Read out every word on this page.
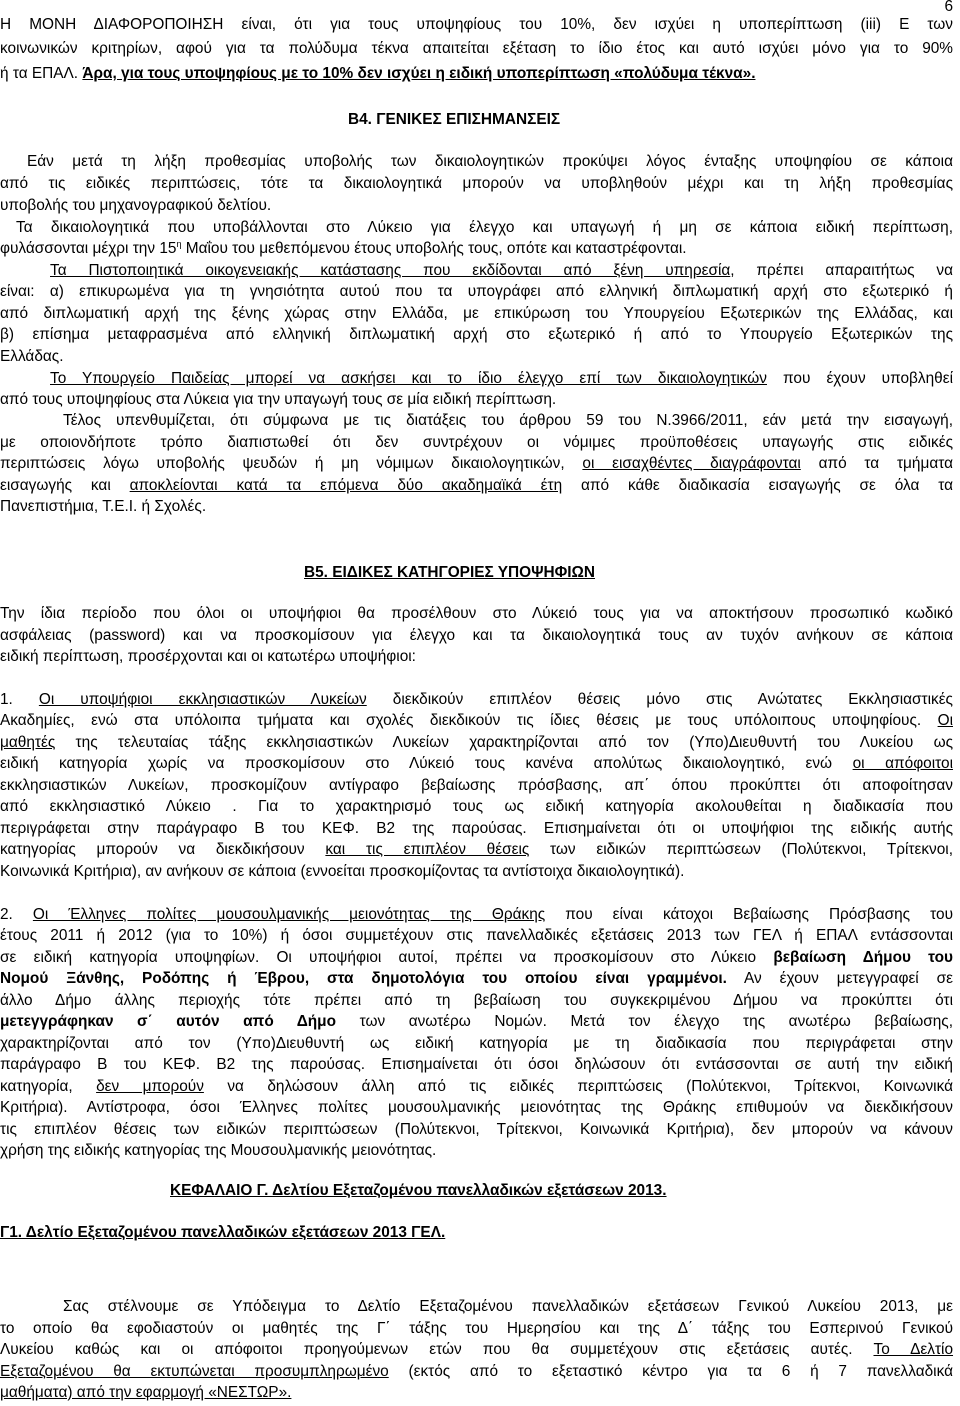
6
Η ΜΟΝΗ ΔΙΑΦΟΡΟΠΟΙΗΣΗ είναι, ότι για τους υποψηφίους του 10%, δεν ισχύει η υποπερίπτωση (iii) Ε των
κοινωνικών κριτηρίων, αφού για τα πολύδυμα τέκνα απαιτείται εξέταση το ίδιο έτος και αυτό ισχύει μόνο για το 90%
ή τα ΕΠΑΛ. Άρα, για τους υποψηφίους με το 10% δεν ισχύει η ειδική υποπερίπτωση «πολύδυμα τέκνα».
Β4. ΓΕΝΙΚΕΣ ΕΠΙΣΗΜΑΝΣΕΙΣ
Εάν μετά τη λήξη προθεσμίας υποβολής των δικαιολογητικών προκύψει λόγος ένταξης υποψηφίου σε κάποια
από τις ειδικές περιπτώσεις, τότε τα δικαιολογητικά μπορούν να υποβληθούν μέχρι και τη λήξη προθεσμίας
υποβολής του μηχανογραφικού δελτίου.
Τα δικαιολογητικά που υποβάλλονται στο Λύκειο για έλεγχο και υπαγωγή ή μη σε κάποια ειδική περίπτωση,
φυλάσσονται μέχρι την $15^\eta$ Μαΐου του μεθεπόμενου έτους υποβολής τους, οπότε και καταστρέφονται.
Τα Πιστοποιητικά οικογενειακής κατάστασης που εκδίδονται από ξένη υπηρεσία, πρέπει απαραιτήτως να
είναι: α) επικυρωμένα για τη γνησιότητα αυτού που τα υπογράφει από ελληνική διπλωματική αρχή στο εξωτερικό ή
από διπλωματική αρχή της ξένης χώρας στην Ελλάδα, με επικύρωση του Υπουργείου Εξωτερικών της Ελλάδας, και
β) επίσημα μεταφρασμένα από ελληνική διπλωματική αρχή στο εξωτερικό ή από το Υπουργείο Εξωτερικών της
Ελλάδας.
Το Υπουργείο Παιδείας μπορεί να ασκήσει και το ίδιο έλεγχο επί των δικαιολογητικών που έχουν υποβληθεί
από τους υποψηφίους στα Λύκεια για την υπαγωγή τους σε μία ειδική περίπτωση.
Τέλος υπενθυμίζεται, ότι σύμφωνα με τις διατάξεις του άρθρου 59 του Ν.3966/2011, εάν μετά την εισαγωγή,
με οποιονδήποτε τρόπο διαπιστωθεί ότι δεν συντρέχουν οι νόμιμες προϋποθέσεις υπαγωγής στις ειδικές
περιπτώσεις λόγω υποβολής ψευδών ή μη νόμιμων δικαιολογητικών, οι εισαχθέντες διαγράφονται από τα τμήματα
εισαγωγής και αποκλείονται κατά τα επόμενα δύο ακαδημαϊκά έτη από κάθε διαδικασία εισαγωγής σε όλα τα
Πανεπιστήμια, Τ.Ε.Ι. ή Σχολές.
Β5. ΕΙΔΙΚΕΣ ΚΑΤΗΓΟΡΙΕΣ ΥΠΟΨΗΦΙΩΝ
Την ίδια περίοδο που όλοι οι υποψήφιοι θα προσέλθουν στο Λύκειό τους για να αποκτήσουν προσωπικό κωδικό
ασφάλειας (password) και να προσκομίσουν για έλεγχο και τα δικαιολογητικά τους αν τυχόν ανήκουν σε κάποια
ειδική περίπτωση, προσέρχονται και οι κατωτέρω υποψήφιοι:
1. Οι υποψήφιοι εκκλησιαστικών Λυκείων διεκδικούν επιπλέον θέσεις μόνο στις Ανώτατες Εκκλησιαστικές
Ακαδημίες, ενώ στα υπόλοιπα τμήματα και σχολές διεκδικούν τις ίδιες θέσεις με τους υπόλοιπους υποψηφίους. Οι
μαθητές της τελευταίας τάξης εκκλησιαστικών Λυκείων χαρακτηρίζονται από τον (Υπο)Διευθυντή του Λυκείου ως
ειδική κατηγορία χωρίς να προσκομίσουν στο Λύκειό τους κανένα απολύτως δικαιολογητικό, ενώ οι απόφοιτοι
εκκλησιαστικών Λυκείων, προσκομίζουν αντίγραφο βεβαίωσης πρόσβασης, απ΄ όπου προκύπτει ότι αποφοίτησαν
από εκκλησιαστικό Λύκειο . Για το χαρακτηρισμό τους ως ειδική κατηγορία ακολουθείται η διαδικασία που
περιγράφεται στην παράγραφο Β του ΚΕΦ. Β2 της παρούσας. Επισημαίνεται ότι οι υποψήφιοι της ειδικής αυτής
κατηγορίας μπορούν να διεκδικήσουν και τις επιπλέον θέσεις των ειδικών περιπτώσεων (Πολύτεκνοι, Τρίτεκνοι,
Κοινωνικά Κριτήρια), αν ανήκουν σε κάποια (εννοείται προσκομίζοντας τα αντίστοιχα δικαιολογητικά).
2. Οι Έλληνες πολίτες μουσουλμανικής μειονότητας της Θράκης που είναι κάτοχοι Βεβαίωσης Πρόσβασης του
έτους 2011 ή 2012 (για το 10%) ή όσοι συμμετέχουν στις πανελλαδικές εξετάσεις 2013 των ΓΕΛ ή ΕΠΑΛ εντάσσονται
σε ειδική κατηγορία υποψηφίων. Οι υποψήφιοι αυτοί, πρέπει να προσκομίσουν στο Λύκειο βεβαίωση Δήμου του
Νομού Ξάνθης, Ροδόπης ή Έβρου, στα δημοτολόγια του οποίου είναι γραμμένοι. Αν έχουν μετεγγραφεί σε
άλλο Δήμο άλλης περιοχής τότε πρέπει από τη βεβαίωση του συγκεκριμένου Δήμου να προκύπτει ότι
μετεγγράφηκαν σ΄ αυτόν από Δήμο των ανωτέρω Νομών. Μετά τον έλεγχο της ανωτέρω βεβαίωσης,
χαρακτηρίζονται από τον (Υπο)Διευθυντή ως ειδική κατηγορία με τη διαδικασία που περιγράφεται στην
παράγραφο Β του ΚΕΦ. Β2 της παρούσας. Επισημαίνεται ότι όσοι δηλώσουν ότι εντάσσονται σε αυτή την ειδική
κατηγορία, δεν μπορούν να δηλώσουν άλλη από τις ειδικές περιπτώσεις (Πολύτεκνοι, Τρίτεκνοι, Κοινωνικά
Κριτήρια). Αντίστροφα, όσοι Έλληνες πολίτες μουσουλμανικής μειονότητας της Θράκης επιθυμούν να διεκδικήσουν
τις επιπλέον θέσεις των ειδικών περιπτώσεων (Πολύτεκνοι, Τρίτεκνοι, Κοινωνικά Κριτήρια), δεν μπορούν να κάνουν
χρήση της ειδικής κατηγορίας της Μουσουλμανικής μειονότητας.
ΚΕΦΑΛΑΙΟ Γ. Δελτίου Εξεταζομένου πανελλαδικών εξετάσεων 2013.
Γ1. Δελτίο Εξεταζομένου πανελλαδικών εξετάσεων 2013 ΓΕΛ.
Σας στέλνουμε σε Υπόδειγμα το Δελτίο Εξεταζομένου πανελλαδικών εξετάσεων Γενικού Λυκείου 2013, με
το οποίο θα εφοδιαστούν οι μαθητές της Γ΄ τάξης του Ημερησίου και της Δ΄ τάξης του Εσπερινού Γενικού
Λυκείου καθώς και οι απόφοιτοι προηγούμενων ετών που θα συμμετέχουν στις εξετάσεις αυτές. Το Δελτίο
Εξεταζομένου θα εκτυπώνεται προσυμπληρωμένο (εκτός από το εξεταστικό κέντρο για τα 6 ή 7 πανελλαδικά
μαθήματα) από την εφαρμογή «ΝΕΣΤΩΡ».
